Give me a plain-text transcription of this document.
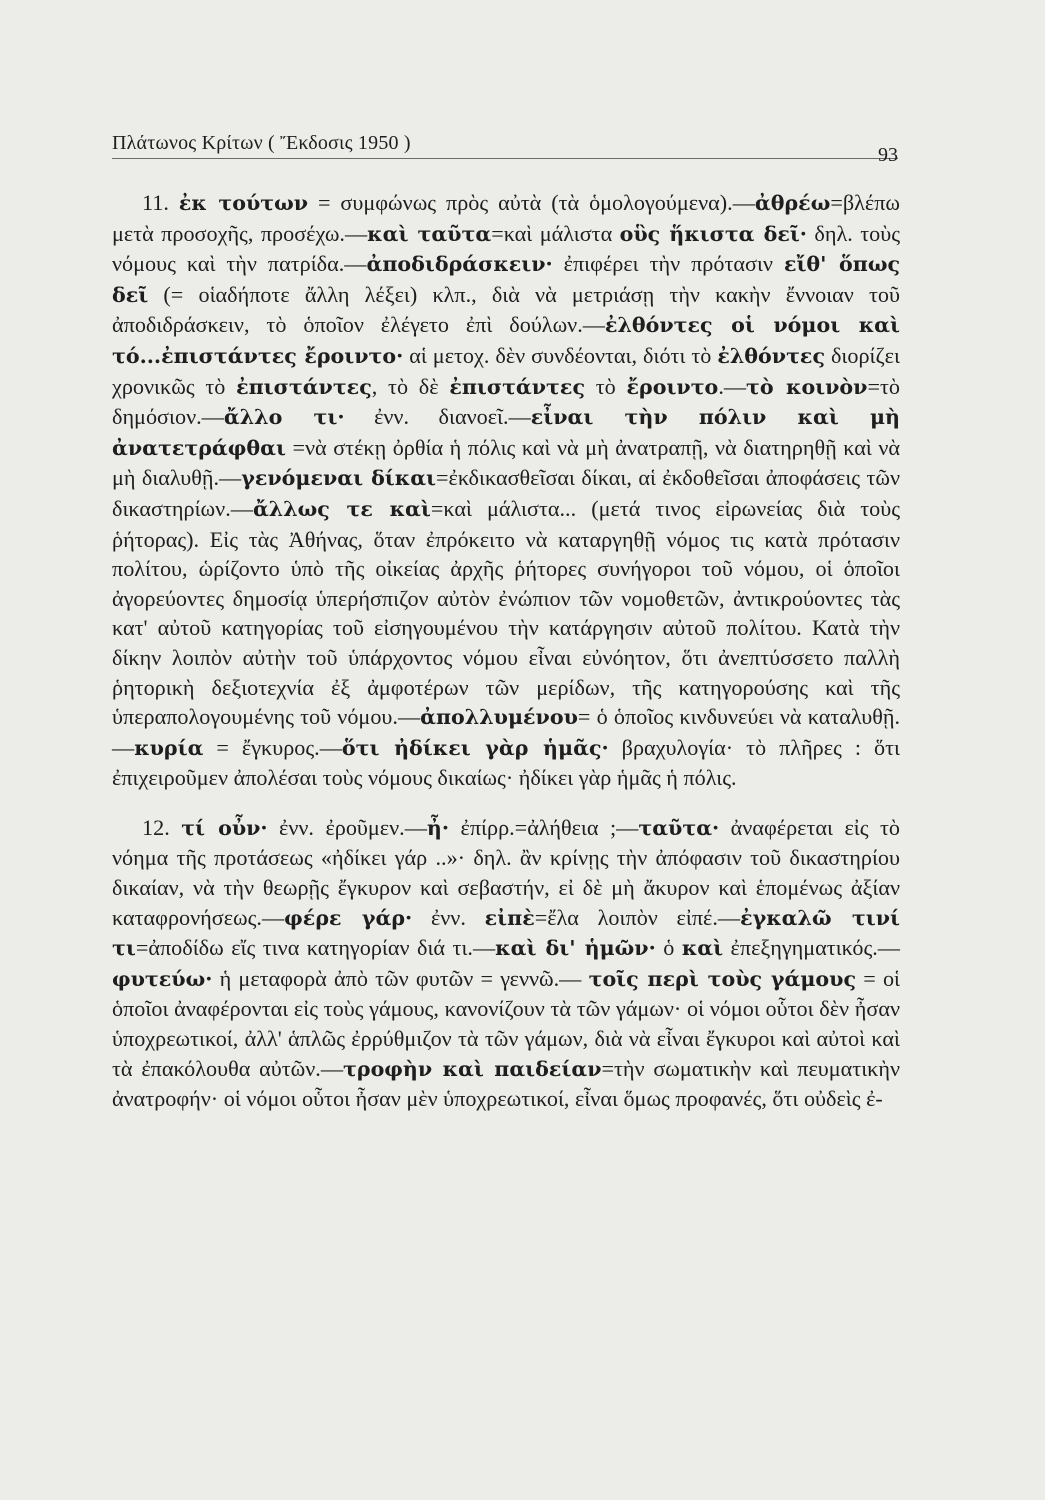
Πλάτωνος Κρίτων ( Ἔκδοσις 1950 )
93

11. ἐκ τούτων = συμφώνως πρὸς αὐτὰ (τὰ ὁμολογούμενα).—ἀθρέω=βλέπω μετὰ προσοχῆς, προσέχω.—καὶ ταῦτα=καὶ μάλιστα οὓς ἥκιστα δεῖ· δηλ. τοὺς νόμους καὶ τὴν πατρίδα.—ἀποδιδράσκειν· ἐπιφέρει τὴν πρότασιν εἴθ' ὅπως δεῖ (= οἱαδήποτε ἄλλη λέξει) κλπ., διὰ νὰ μετριάσῃ τὴν κακὴν ἔννοιαν τοῦ ἀποδιδράσκειν, τὸ ὁποῖον ἐλέγετο ἐπὶ δούλων.—ἐλθόντες οἱ νόμοι καὶ τό...ἐπιστάντες ἔροιντο· αἱ μετοχ. δὲν συνδέονται, διότι τὸ ἐλθόντες διορίζει χρονικῶς τὸ ἐπιστάντες, τὸ δὲ ἐπιστάντες τὸ ἔροιντο.—τὸ κοινὸν=τὸ δημόσιον.—ἄλλο τι· ἐνν. διανοεῖ.—εἶναι τὴν πόλιν καὶ μὴ ἀνατετράφθαι =νὰ στέκῃ ὀρθία ἡ πόλις καὶ νὰ μὴ ἀνατραπῇ, νὰ διατηρηθῇ καὶ νὰ μὴ διαλυθῇ.—γενόμεναι δίκαι=ἐκδικασθεῖσαι δίκαι, αἱ ἐκδοθεῖσαι ἀποφάσεις τῶν δικαστηρίων.—ἄλλως τε καὶ=καὶ μάλιστα... (μετά τινος εἰρωνείας διὰ τοὺς ῥήτορας). Εἰς τὰς Ἀθήνας, ὅταν ἐπρόκειτο νὰ καταργηθῇ νόμος τις κατὰ πρότασιν πολίτου, ὡρίζοντο ὑπὸ τῆς οἰκείας ἀρχῆς ῥήτορες συνήγοροι τοῦ νόμου, οἱ ὁποῖοι ἀγορεύοντες δημοσίᾳ ὑπερήσπιζον αὐτὸν ἐνώπιον τῶν νομοθετῶν, ἀντικρούοντες τὰς κατ' αὐτοῦ κατηγορίας τοῦ εἰσηγουμένου τὴν κατάργησιν αὐτοῦ πολίτου. Κατὰ τὴν δίκην λοιπὸν αὐτὴν τοῦ ὑπάρχοντος νόμου εἶναι εὐνόητον, ὅτι ἀνεπτύσσετο παλλὴ ῥητορικὴ δεξιοτεχνία ἐξ ἀμφοτέρων τῶν μερίδων, τῆς κατηγορούσης καὶ τῆς ὑπεραπολογουμένης τοῦ νόμου.—ἀπολλυμένου= ὁ ὁποῖος κινδυνεύει νὰ καταλυθῇ.—κυρία = ἔγκυρος.—ὅτι ἠδίκει γὰρ ἡμᾶς· βραχυλογία· τὸ πλῆρες : ὅτι ἐπιχειροῦμεν ἀπολέσαι τοὺς νόμους δικαίως· ἠδίκει γὰρ ἡμᾶς ἡ πόλις.

12. τί οὖν· ἐνν. ἐροῦμεν.—ἦ· ἐπίρρ.=ἀλήθεια ;—ταῦτα· ἀναφέρεται εἰς τὸ νόημα τῆς προτάσεως «ἠδίκει γάρ ..»· δηλ. ἂν κρίνῃς τὴν ἀπόφασιν τοῦ δικαστηρίου δικαίαν, νὰ τὴν θεωρῇς ἔγκυρον καὶ σεβαστήν, εἰ δὲ μὴ ἄκυρον καὶ ἑπομένως ἀξίαν καταφρονήσεως.—φέρε γάρ· ἐνν. εἰπὲ=ἔλα λοιπὸν εἰπέ.—ἐγκαλῶ τινί τι=ἀποδίδω εἴς τινα κατηγορίαν διά τι.—καὶ δι' ἡμῶν· ὁ καὶ ἐπεξηγηματικός.—φυτεύω· ἡ μεταφορὰ ἀπὸ τῶν φυτῶν = γεννῶ.— τοῖς περὶ τοὺς γάμους = οἱ ὁποῖοι ἀναφέρονται εἰς τοὺς γάμους, κανονίζουν τὰ τῶν γάμων· οἱ νόμοι οὗτοι δὲν ἦσαν ὑποχρεωτικοί, ἀλλ' ἁπλῶς ἐρρύθμιζον τὰ τῶν γάμων, διὰ νὰ εἶναι ἔγκυροι καὶ αὐτοὶ καὶ τὰ ἐπακόλουθα αὐτῶν.—τροφὴν καὶ παιδείαν=τὴν σωματικὴν καὶ πευματικὴν ἀνατροφήν· οἱ νόμοι οὗτοι ἦσαν μὲν ὑποχρεωτικοί, εἶναι ὅμως προφανές, ὅτι οὐδεὶς ἐ-
